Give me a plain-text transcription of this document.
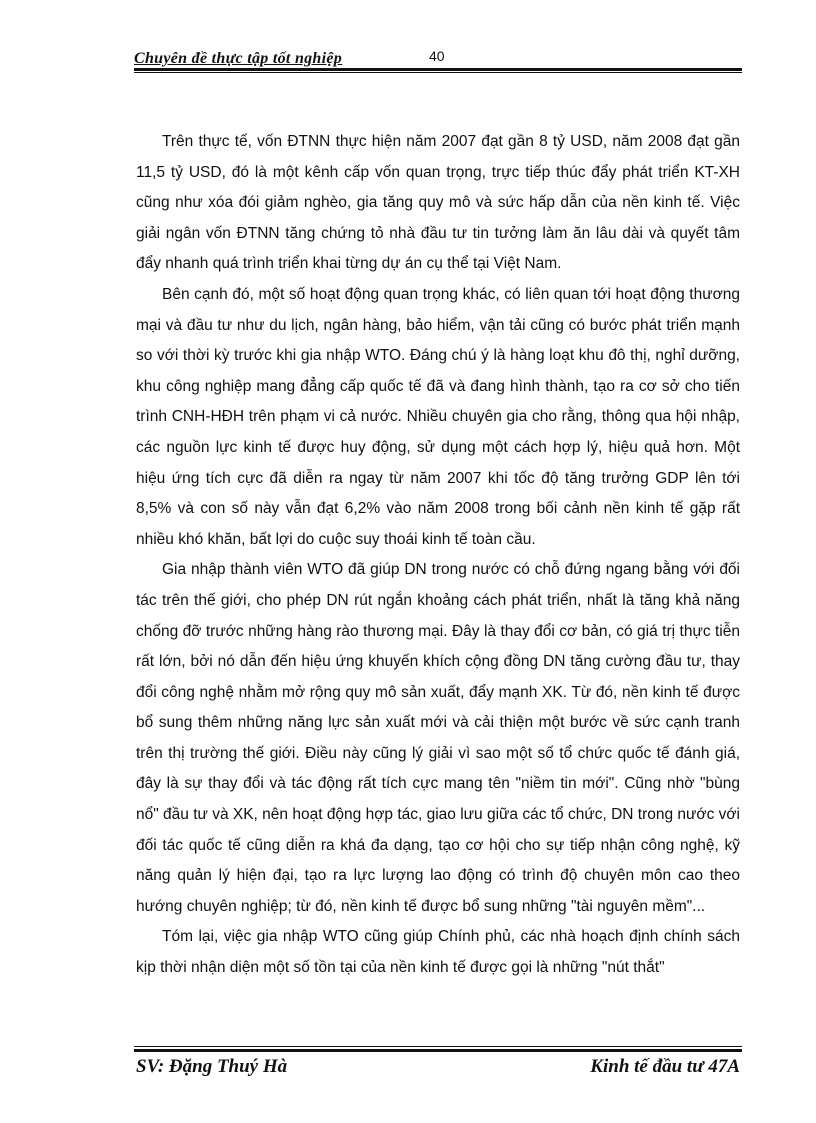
Chuyên đề thực tập tốt nghiệp	40

Trên thực tế, vốn ĐTNN thực hiện năm 2007 đạt gần 8 tỷ USD, năm 2008 đạt gần 11,5 tỷ USD, đó là một kênh cấp vốn quan trọng, trực tiếp thúc đẩy phát triển KT-XH cũng như xóa đói giảm nghèo, gia tăng quy mô và sức hấp dẫn của nền kinh tế. Việc giải ngân vốn ĐTNN tăng chứng tỏ nhà đầu tư tin tưởng làm ăn lâu dài và quyết tâm đẩy nhanh quá trình triển khai từng dự án cụ thể tại Việt Nam.

Bên cạnh đó, một số hoạt động quan trọng khác, có liên quan tới hoạt động thương mại và đầu tư như du lịch, ngân hàng, bảo hiểm, vận tải cũng có bước phát triển mạnh so với thời kỳ trước khi gia nhập WTO. Đáng chú ý là hàng loạt khu đô thị, nghỉ dưỡng, khu công nghiệp mang đẳng cấp quốc tế đã và đang hình thành, tạo ra cơ sở cho tiến trình CNH-HĐH trên phạm vi cả nước. Nhiều chuyên gia cho rằng, thông qua hội nhập, các nguồn lực kinh tế được huy động, sử dụng một cách hợp lý, hiệu quả hơn. Một hiệu ứng tích cực đã diễn ra ngay từ năm 2007 khi tốc độ tăng trưởng GDP lên tới 8,5% và con số này vẫn đạt 6,2% vào năm 2008 trong bối cảnh nền kinh tế gặp rất nhiều khó khăn, bất lợi do cuộc suy thoái kinh tế toàn cầu.

Gia nhập thành viên WTO đã giúp DN trong nước có chỗ đứng ngang bằng với đối tác trên thế giới, cho phép DN rút ngắn khoảng cách phát triển, nhất là tăng khả năng chống đỡ trước những hàng rào thương mại. Đây là thay đổi cơ bản, có giá trị thực tiễn rất lớn, bởi nó dẫn đến hiệu ứng khuyến khích cộng đồng DN tăng cường đầu tư, thay đổi công nghệ nhằm mở rộng quy mô sản xuất, đẩy mạnh XK. Từ đó, nền kinh tế được bổ sung thêm những năng lực sản xuất mới và cải thiện một bước về sức cạnh tranh trên thị trường thế giới. Điều này cũng lý giải vì sao một số tổ chức quốc tế đánh giá, đây là sự thay đổi và tác động rất tích cực mang tên "niềm tin mới". Cũng nhờ "bùng nổ" đầu tư và XK, nên hoạt động hợp tác, giao lưu giữa các tổ chức, DN trong nước với đối tác quốc tế cũng diễn ra khá đa dạng, tạo cơ hội cho sự tiếp nhận công nghệ, kỹ năng quản lý hiện đại, tạo ra lực lượng lao động có trình độ chuyên môn cao theo hướng chuyên nghiệp; từ đó, nền kinh tế được bổ sung những "tài nguyên mềm"...

Tóm lại, việc gia nhập WTO cũng giúp Chính phủ, các nhà hoạch định chính sách kịp thời nhận diện một số tồn tại của nền kinh tế được gọi là những "nút thắt"

SV: Đặng Thuý Hà	Kinh tế đầu tư 47A
